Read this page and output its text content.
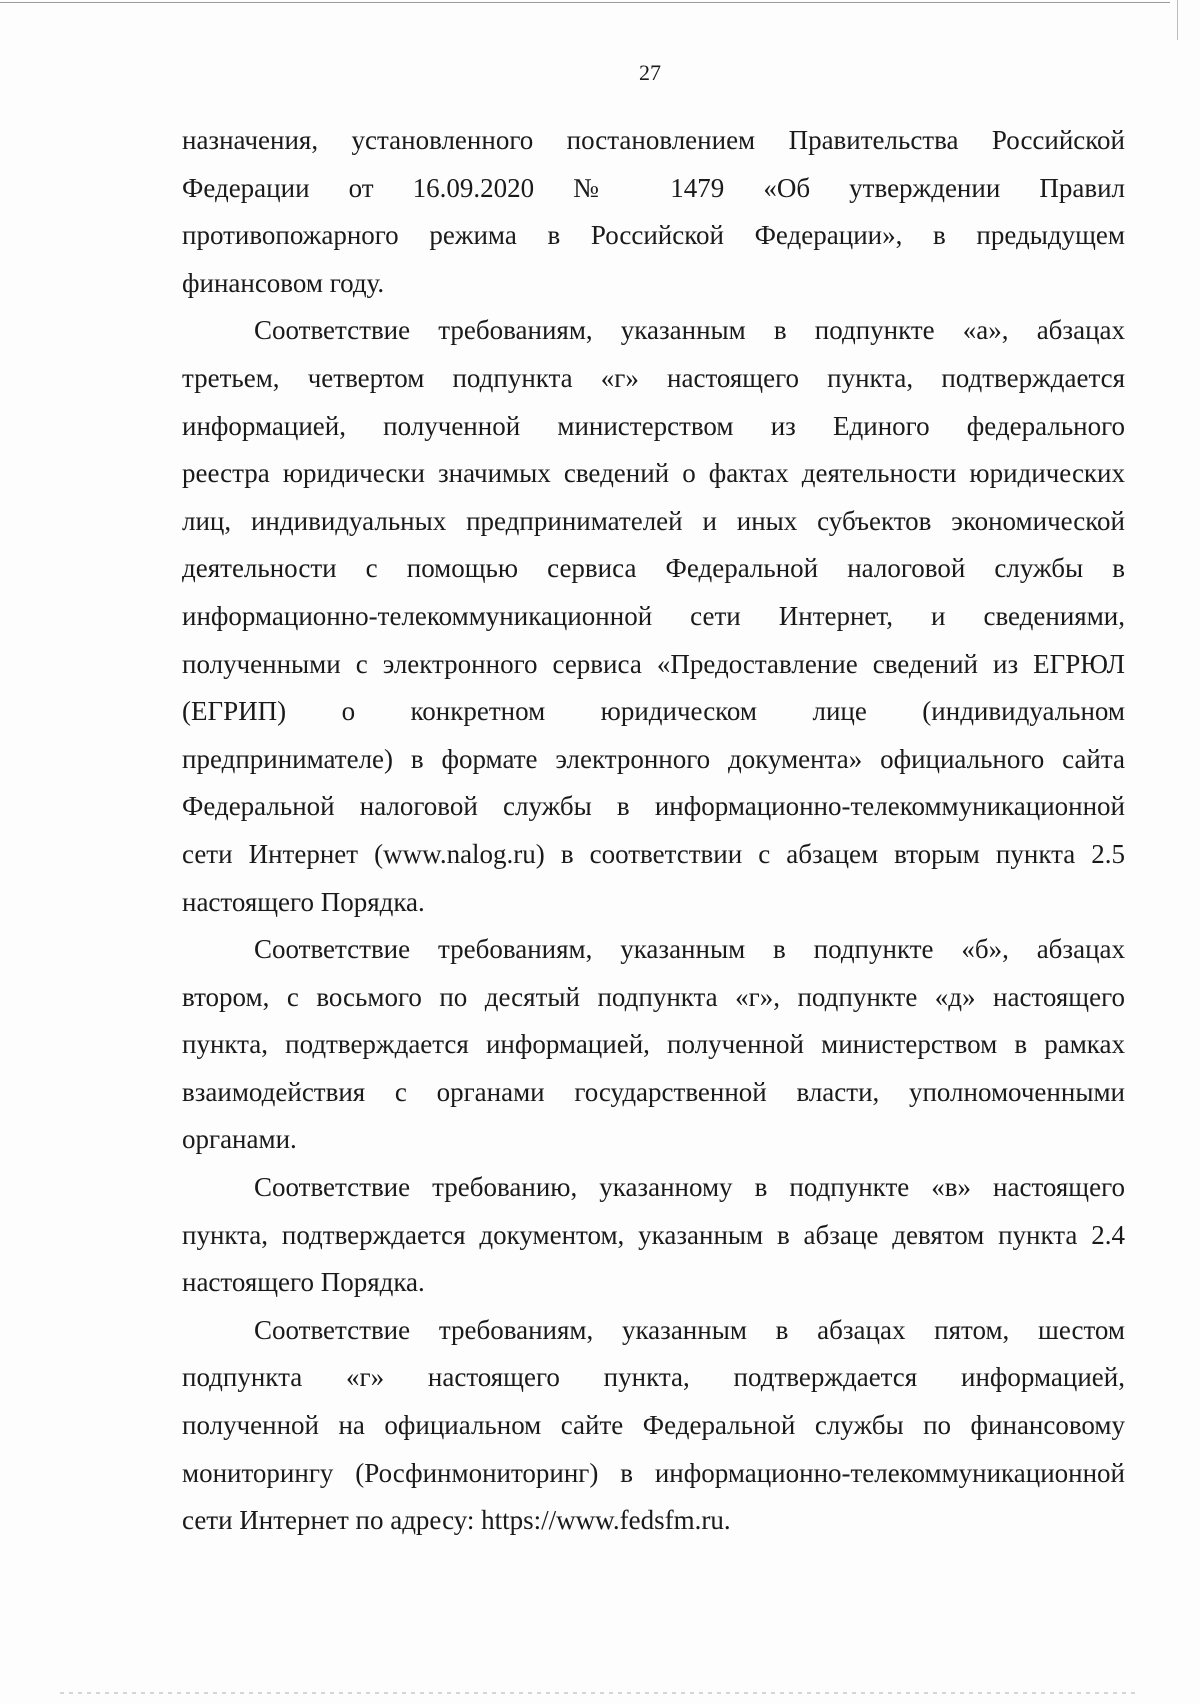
27
назначения, установленного постановлением Правительства Российской
Федерации от 16.09.2020 № 1479 «Об утверждении Правил
противопожарного режима в Российской Федерации», в предыдущем
финансовом году.
Соответствие требованиям, указанным в подпункте «а», абзацах
третьем, четвертом подпункта «г» настоящего пункта, подтверждается
информацией, полученной министерством из Единого федерального
реестра юридически значимых сведений о фактах деятельности юридических
лиц, индивидуальных предпринимателей и иных субъектов экономической
деятельности с помощью сервиса Федеральной налоговой службы в
информационно-телекоммуникационной сети Интернет, и сведениями,
полученными с электронного сервиса «Предоставление сведений из ЕГРЮЛ
(ЕГРИП) о конкретном юридическом лице (индивидуальном
предпринимателе) в формате электронного документа» официального сайта
Федеральной налоговой службы в информационно-телекоммуникационной
сети Интернет (www.nalog.ru) в соответствии с абзацем вторым пункта 2.5
настоящего Порядка.
Соответствие требованиям, указанным в подпункте «б», абзацах
втором, с восьмого по десятый подпункта «г», подпункте «д» настоящего
пункта, подтверждается информацией, полученной министерством в рамках
взаимодействия с органами государственной власти, уполномоченными
органами.
Соответствие требованию, указанному в подпункте «в» настоящего
пункта, подтверждается документом, указанным в абзаце девятом пункта 2.4
настоящего Порядка.
Соответствие требованиям, указанным в абзацах пятом, шестом
подпункта «г» настоящего пункта, подтверждается информацией,
полученной на официальном сайте Федеральной службы по финансовому
мониторингу (Росфинмониторинг) в информационно-телекоммуникационной
сети Интернет по адресу: https://www.fedsfm.ru.
